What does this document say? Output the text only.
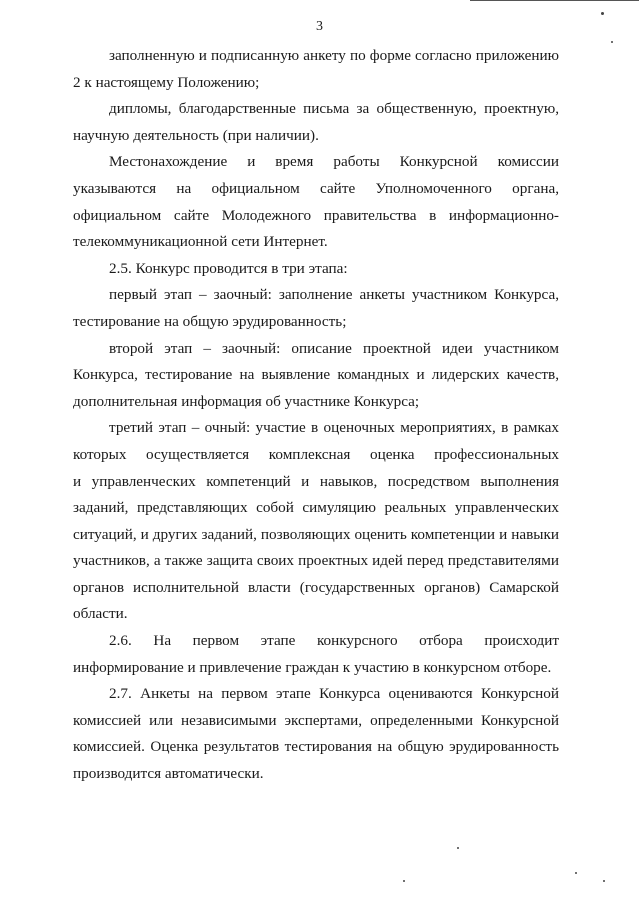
3
заполненную и подписанную анкету по форме согласно приложению
2 к настоящему Положению;
дипломы, благодарственные письма за общественную, проектную,
научную деятельность (при наличии).
Местонахождение и время работы Конкурсной комиссии
указываются на официальном сайте Уполномоченного органа,
официальном сайте Молодежного правительства в информационно-
телекоммуникационной сети Интернет.
2.5. Конкурс проводится в три этапа:
первый этап – заочный: заполнение анкеты участником Конкурса,
тестирование на общую эрудированность;
второй этап – заочный: описание проектной идеи участником
Конкурса, тестирование на выявление командных и лидерских качеств,
дополнительная информация об участнике Конкурса;
третий этап – очный: участие в оценочных мероприятиях, в рамках
которых осуществляется комплексная оценка профессиональных
и управленческих компетенций и навыков, посредством выполнения
заданий, представляющих собой симуляцию реальных управленческих
ситуаций, и других заданий, позволяющих оценить компетенции и навыки
участников, а также защита своих проектных идей перед представителями
органов исполнительной власти (государственных органов) Самарской
области.
2.6. На первом этапе конкурсного отбора происходит
информирование и привлечение граждан к участию в конкурсном отборе.
2.7. Анкеты на первом этапе Конкурса оцениваются Конкурсной
комиссией или независимыми экспертами, определенными Конкурсной
комиссией. Оценка результатов тестирования на общую эрудированность
производится автоматически.
